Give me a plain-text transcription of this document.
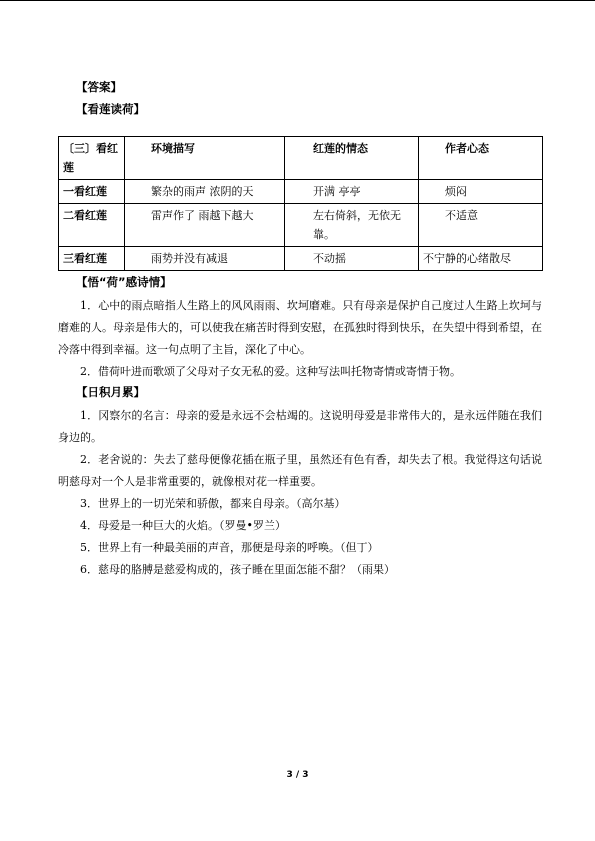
【答案】
【看莲读荷】
〔三〕看红莲	环境描写	红莲的情态	作者心态
一看红莲	繁杂的雨声 浓阴的天	开满 亭亭	烦闷
二看红莲	雷声作了 雨越下越大	左右倚斜，无依无靠。	不适意
三看红莲	雨势并没有减退	不动摇	不宁静的心绪散尽
【悟“荷”感诗情】

1．心中的雨点暗指人生路上的风风雨雨、坎坷磨难。只有母亲是保护自己度过人生路上坎坷与磨难的人。母亲是伟大的，可以使我在痛苦时得到安慰，在孤独时得到快乐，在失望中得到希望，在冷落中得到幸福。这一句点明了主旨，深化了中心。

2．借荷叶进而歌颂了父母对子女无私的爱。这种写法叫托物寄情或寄情于物。

【日积月累】

1．冈察尔的名言：母亲的爱是永远不会枯竭的。这说明母爱是非常伟大的，是永远伴随在我们身边的。

2．老舍说的：失去了慈母便像花插在瓶子里，虽然还有色有香，却失去了根。我觉得这句话说明慈母对一个人是非常重要的，就像根对花一样重要。

3．世界上的一切光荣和骄傲，都来自母亲。（高尔基）

4．母爱是一种巨大的火焰。（罗曼•罗兰）

5．世界上有一种最美丽的声音，那便是母亲的呼唤。（但丁）

6．慈母的胳膊是慈爱构成的，孩子睡在里面怎能不甜？（雨果）

3 / 3
